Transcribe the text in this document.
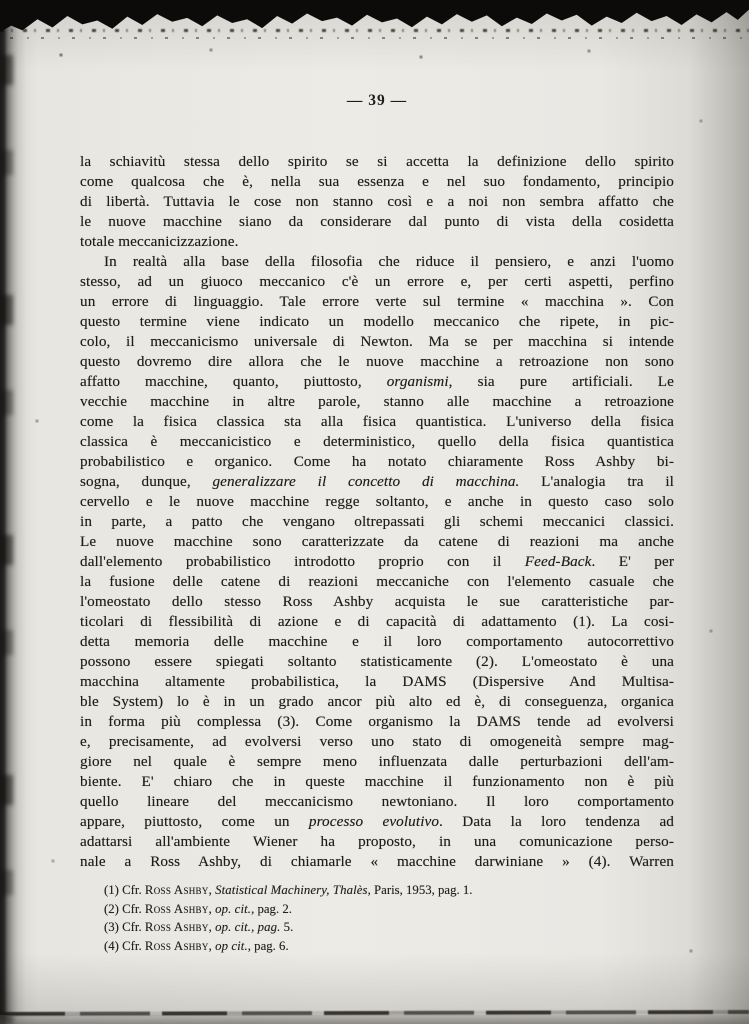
— 39 —
la schiavitù stessa dello spirito se si accetta la definizione dello spirito
come qualcosa che è, nella sua essenza e nel suo fondamento, principio
di libertà. Tuttavia le cose non stanno così e a noi non sembra affatto che
le nuove macchine siano da considerare dal punto di vista della cosidetta
totale meccanicizzazione.
In realtà alla base della filosofia che riduce il pensiero, e anzi l'uomo
stesso, ad un giuoco meccanico c'è un errore e, per certi aspetti, perfino
un errore di linguaggio. Tale errore verte sul termine « macchina ». Con
questo termine viene indicato un modello meccanico che ripete, in pic-
colo, il meccanicismo universale di Newton. Ma se per macchina si intende
questo dovremo dire allora che le nuove macchine a retroazione non sono
affatto macchine, quanto, piuttosto, organismi, sia pure artificiali. Le
vecchie macchine in altre parole, stanno alle macchine a retroazione
come la fisica classica sta alla fisica quantistica. L'universo della fisica
classica è meccanicistico e deterministico, quello della fisica quantistica
probabilistico e organico. Come ha notato chiaramente Ross Ashby bi-
sogna, dunque, generalizzare il concetto di macchina. L'analogia tra il
cervello e le nuove macchine regge soltanto, e anche in questo caso solo
in parte, a patto che vengano oltrepassati gli schemi meccanici classici.
Le nuove macchine sono caratterizzate da catene di reazioni ma anche
dall'elemento probabilistico introdotto proprio con il Feed-Back. E' per
la fusione delle catene di reazioni meccaniche con l'elemento casuale che
l'omeostato dello stesso Ross Ashby acquista le sue caratteristiche par-
ticolari di flessibilità di azione e di capacità di adattamento (1). La cosi-
detta memoria delle macchine e il loro comportamento autocorrettivo
possono essere spiegati soltanto statisticamente (2). L'omeostato è una
macchina altamente probabilistica, la DAMS (Dispersive And Multisa-
ble System) lo è in un grado ancor più alto ed è, di conseguenza, organica
in forma più complessa (3). Come organismo la DAMS tende ad evolversi
e, precisamente, ad evolversi verso uno stato di omogeneità sempre mag-
giore nel quale è sempre meno influenzata dalle perturbazioni dell'am-
biente. E' chiaro che in queste macchine il funzionamento non è più
quello lineare del meccanicismo newtoniano. Il loro comportamento
appare, piuttosto, come un processo evolutivo. Data la loro tendenza ad
adattarsi all'ambiente Wiener ha proposto, in una comunicazione perso-
nale a Ross Ashby, di chiamarle « macchine darwiniane » (4). Warren
(1) Cfr. Ross Ashby, Statistical Machinery, Thalès, Paris, 1953, pag. 1.
(2) Cfr. Ross Ashby, op. cit., pag. 2.
(3) Cfr. Ross Ashby, op. cit., pag. 5.
(4) Cfr. Ross Ashby, op cit., pag. 6.
